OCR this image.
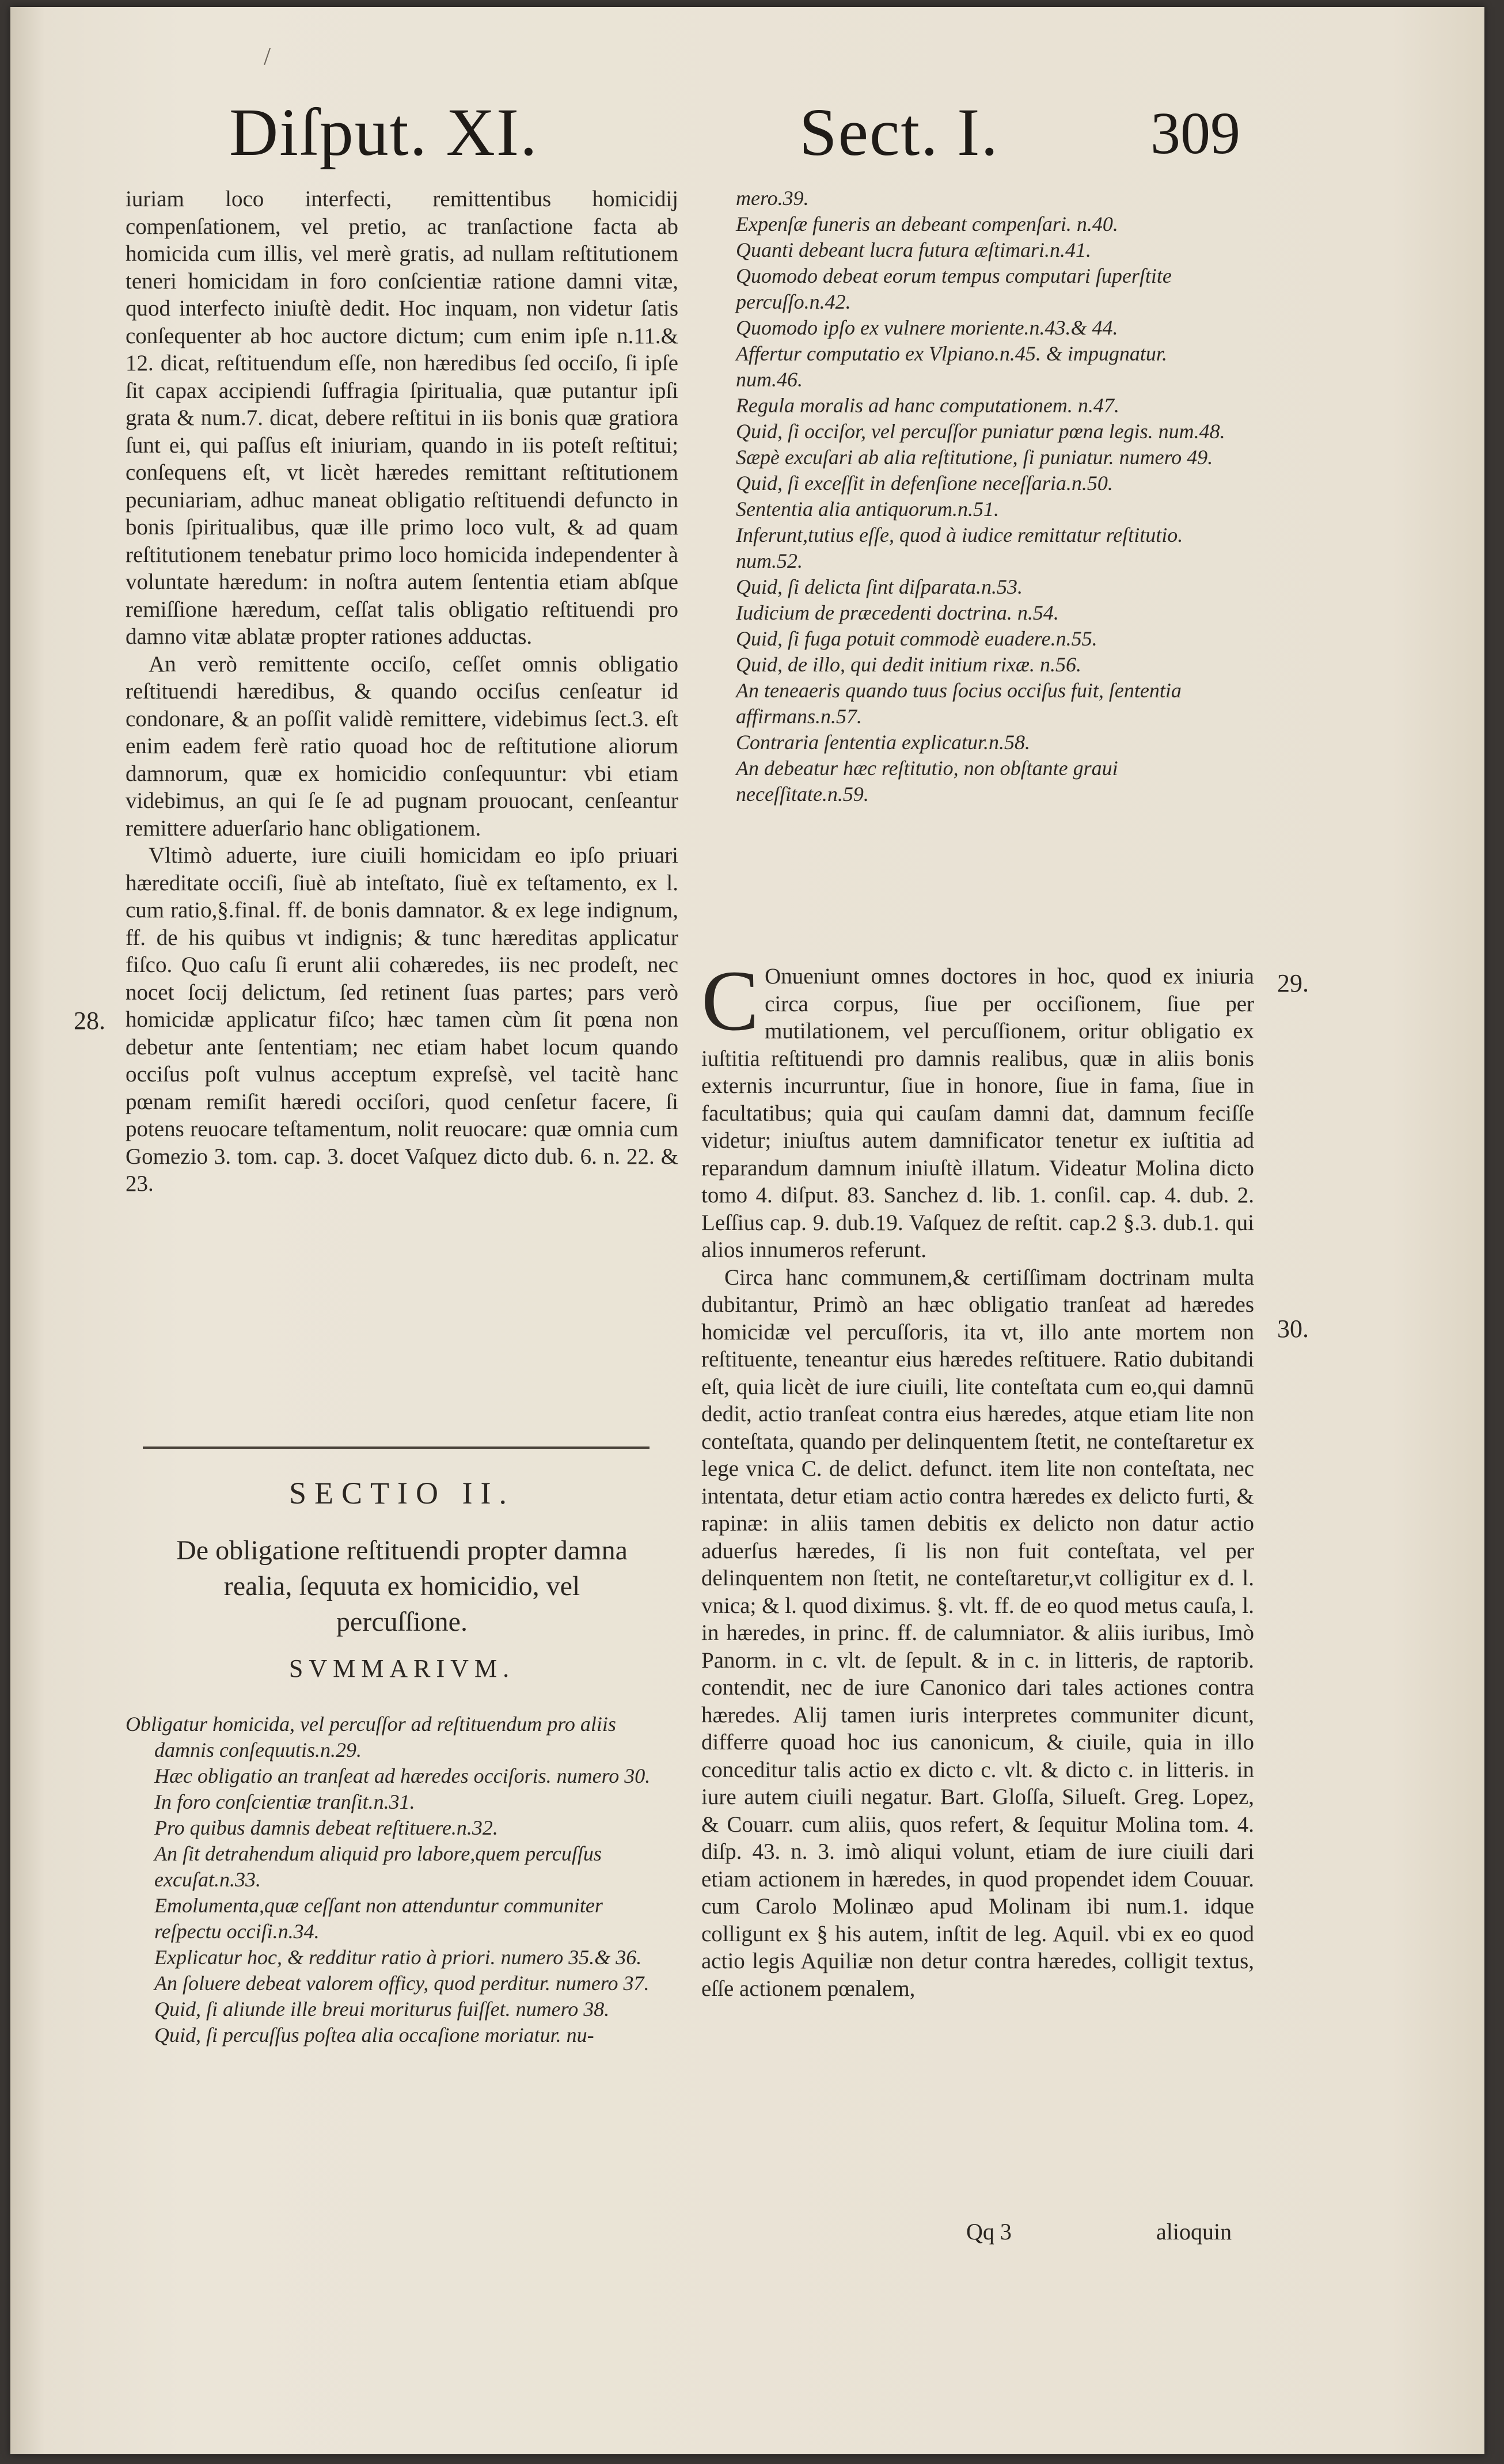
Diſput. XI.	Sect. I.	309
/

iuriam loco interfecti, remittentibus homicidij compenſationem, vel pretio, ac tranſactione facta ab homicida cum illis, vel merè gratis, ad nullam reſtitutionem teneri homicidam in foro conſcientiæ ratione damni vitæ, quod interfecto iniuſtè dedit. Hoc inquam, non videtur ſatis conſequenter ab hoc auctore dictum; cum enim ipſe n.11.& 12. dicat, reſtituendum eſſe, non hæredibus ſed occiſo, ſi ipſe ſit capax accipiendi ſuffragia ſpiritualia, quæ putantur ipſi grata & num.7. dicat, debere reſtitui in iis bonis quæ gratiora ſunt ei, qui paſſus eſt iniuriam, quando in iis poteſt reſtitui; conſequens eſt, vt licèt hæredes remittant reſtitutionem pecuniariam, adhuc maneat obligatio reſtituendi defuncto in bonis ſpiritualibus, quæ ille primo loco vult, & ad quam reſtitutionem tenebatur primo loco homicida independenter à voluntate hæredum: in noſtra autem ſententia etiam abſque remiſſione hæredum, ceſſat talis obligatio reſtituendi pro damno vitæ ablatæ propter rationes adductas.

An verò remittente occiſo, ceſſet omnis obligatio reſtituendi hæredibus, & quando occiſus cenſeatur id condonare, & an poſſit validè remittere, videbimus ſect.3. eſt enim eadem ferè ratio quoad hoc de reſtitutione aliorum damnorum, quæ ex homicidio conſequuntur: vbi etiam videbimus, an qui ſe ſe ad pugnam prouocant, cenſeantur remittere aduerſario hanc obligationem.

Vltimò aduerte, iure ciuili homicidam eo ipſo priuari hæreditate occiſi, ſiuè ab inteſtato, ſiuè ex teſtamento, ex l. cum ratio,§.final. ff. de bonis damnator. & ex lege indignum, ff. de his quibus vt indignis; & tunc hæreditas applicatur fiſco. Quo caſu ſi erunt alii cohæredes, iis nec prodeſt, nec nocet ſocij delictum, ſed retinent ſuas partes; pars verò homicidæ applicatur fiſco; hæc tamen cùm ſit pœna non debetur ante ſententiam; nec etiam habet locum quando occiſus poſt vulnus acceptum expreſsè, vel tacitè hanc pœnam remiſit hæredi occiſori, quod cenſetur facere, ſi potens reuocare teſtamentum, nolit reuocare: quæ omnia cum Gomezio 3. tom. cap. 3. docet Vaſquez dicto dub. 6. n. 22. & 23.

28.
SECTIO II.
De obligatione reſtituendi propter damna realia, ſequuta ex homicidio, vel percuſſione.
SVMMARIVM.
Obligatur homicida, vel percuſſor ad reſtituendum pro aliis damnis conſequutis.n.29.
Hæc obligatio an tranſeat ad hæredes occiſoris. numero 30.
In foro conſcientiæ tranſit.n.31.
Pro quibus damnis debeat reſtituere.n.32.
An ſit detrahendum aliquid pro labore,quem percuſſus excuſat.n.33.
Emolumenta,quæ ceſſant non attenduntur communiter reſpectu occiſi.n.34.
Explicatur hoc, & redditur ratio à priori. numero 35.& 36.
An ſoluere debeat valorem officy, quod perditur. numero 37.
Quid, ſi aliunde ille breui moriturus fuiſſet. numero 38.
Quid, ſi percuſſus poſtea alia occaſione moriatur. nu-
mero.39.
Expenſæ funeris an debeant compenſari. n.40.
Quanti debeant lucra futura æſtimari.n.41.
Quomodo debeat eorum tempus computari ſuperſtite percuſſo.n.42.
Quomodo ipſo ex vulnere moriente.n.43.& 44.
Affertur computatio ex Vlpiano.n.45. & impugnatur. num.46.
Regula moralis ad hanc computationem. n.47.
Quid, ſi occiſor, vel percuſſor puniatur pœna legis. num.48.
Sæpè excuſari ab alia reſtitutione, ſi puniatur. numero 49.
Quid, ſi exceſſit in defenſione neceſſaria.n.50.
Sententia alia antiquorum.n.51.
Inferunt,tutius eſſe, quod à iudice remittatur reſtitutio. num.52.
Quid, ſi delicta ſint diſparata.n.53.
Iudicium de præcedenti doctrina. n.54.
Quid, ſi fuga potuit commodè euadere.n.55.
Quid, de illo, qui dedit initium rixæ. n.56.
An teneaeris quando tuus ſocius occiſus fuit, ſententia affirmans.n.57.
Contraria ſententia explicatur.n.58.
An debeatur hæc reſtitutio, non obſtante graui neceſſitate.n.59.

C Onueniunt omnes doctores in hoc, quod ex iniuria circa corpus, ſiue per occiſionem, ſiue per mutilationem, vel percuſſionem, oritur obligatio ex iuſtitia reſtituendi pro damnis realibus, quæ in aliis bonis externis incurruntur, ſiue in honore, ſiue in fama, ſiue in facultatibus; quia qui cauſam damni dat, damnum feciſſe videtur; iniuſtus autem damnificator tenetur ex iuſtitia ad reparandum damnum iniuſtè illatum. Videatur Molina dicto tomo 4. diſput. 83. Sanchez d. lib. 1. conſil. cap. 4. dub. 2. Leſſius cap. 9. dub.19. Vaſquez de reſtit. cap.2 §.3. dub.1. qui alios innumeros referunt.

Circa hanc communem,& certiſſimam doctrinam multa dubitantur, Primò an hæc obligatio tranſeat ad hæredes homicidæ vel percuſſoris, ita vt, illo ante mortem non reſtituente, teneantur eius hæredes reſtituere. Ratio dubitandi eſt, quia licèt de iure ciuili, lite conteſtata cum eo,qui damnū dedit, actio tranſeat contra eius hæredes, atque etiam lite non conteſtata, quando per delinquentem ſtetit, ne conteſtaretur ex lege vnica C. de delict. defunct. item lite non conteſtata, nec intentata, detur etiam actio contra hæredes ex delicto furti, & rapinæ: in aliis tamen debitis ex delicto non datur actio aduerſus hæredes, ſi lis non fuit conteſtata, vel per delinquentem non ſtetit, ne conteſtaretur,vt colligitur ex d. l. vnica; & l. quod diximus. §. vlt. ff. de eo quod metus cauſa, l. in hæredes, in princ. ff. de calumniator. & aliis iuribus, Imò Panorm. in c. vlt. de ſepult. & in c. in litteris, de raptorib. contendit, nec de iure Canonico dari tales actiones contra hæredes. Alij tamen iuris interpretes communiter dicunt, differre quoad hoc ius canonicum, & ciuile, quia in illo conceditur talis actio ex dicto c. vlt. & dicto c. in litteris. in iure autem ciuili negatur. Bart. Gloſſa, Silueſt. Greg. Lopez, & Couarr. cum aliis, quos refert, & ſequitur Molina tom. 4. diſp. 43. n. 3. imò aliqui volunt, etiam de iure ciuili dari etiam actionem in hæredes, in quod propendet idem Couuar. cum Carolo Molinæo apud Molinam ibi num.1. idque colligunt ex § his autem, inſtit de leg. Aquil. vbi ex eo quod actio legis Aquiliæ non detur contra hæredes, colligit textus, eſſe actionem pœnalem,

29.
30.
Qq 3	alioquin
